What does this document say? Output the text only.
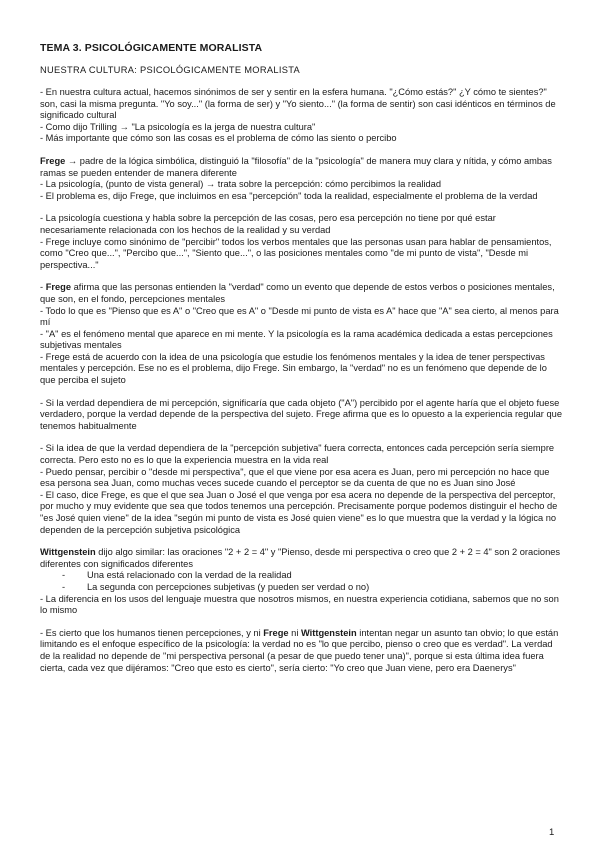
TEMA 3. PSICOLÓGICAMENTE MORALISTA
NUESTRA CULTURA: PSICOLÓGICAMENTE MORALISTA

- En nuestra cultura actual, hacemos sinónimos de ser y sentir en la esfera humana. "¿Cómo estás?" ¿Y cómo te sientes?" son, casi la misma pregunta. "Yo soy..." (la forma de ser) y "Yo siento..." (la forma de sentir) son casi idénticos en términos de significado cultural

- Como dijo Trilling → "La psicología es la jerga de nuestra cultura"

- Más importante que cómo son las cosas es el problema de cómo las siento o percibo

Frege → padre de la lógica simbólica, distinguió la "filosofía" de la "psicología" de manera muy clara y nítida, y cómo ambas ramas se pueden entender de manera diferente

- La psicología, (punto de vista general) → trata sobre la percepción: cómo percibimos la realidad

- El problema es, dijo Frege, que incluimos en esa "percepción" toda la realidad, especialmente el problema de la verdad

- La psicología cuestiona y habla sobre la percepción de las cosas, pero esa percepción no tiene por qué estar necesariamente relacionada con los hechos de la realidad y su verdad

- Frege incluye como sinónimo de "percibir" todos los verbos mentales que las personas usan para hablar de pensamientos, como "Creo que...", "Percibo que...", "Siento que...", o las posiciones mentales como "de mi punto de vista", "Desde mi perspectiva..."

- Frege afirma que las personas entienden la "verdad" como un evento que depende de estos verbos o posiciones mentales, que son, en el fondo, percepciones mentales

- Todo lo que es "Pienso que es A" o "Creo que es A" o "Desde mi punto de vista es A" hace que "A" sea cierto, al menos para mí

- "A" es el fenómeno mental que aparece en mi mente. Y la psicología es la rama académica dedicada a estas percepciones subjetivas mentales

- Frege está de acuerdo con la idea de una psicología que estudie los fenómenos mentales y la idea de tener perspectivas mentales y percepción. Ese no es el problema, dijo Frege. Sin embargo, la "verdad" no es un fenómeno que depende de lo que perciba el sujeto

- Si la verdad dependiera de mi percepción, significaría que cada objeto ("A") percibido por el agente haría que el objeto fuese verdadero, porque la verdad depende de la perspectiva del sujeto. Frege afirma que es lo opuesto a la experiencia regular que tenemos habitualmente

- Si la idea de que la verdad dependiera de la "percepción subjetiva" fuera correcta, entonces cada percepción sería siempre correcta. Pero esto no es lo que la experiencia muestra en la vida real

- Puedo pensar, percibir o "desde mi perspectiva", que el que viene por esa acera es Juan, pero mi percepción no hace que esa persona sea Juan, como muchas veces sucede cuando el perceptor se da cuenta de que no es Juan sino José

- El caso, dice Frege, es que el que sea Juan o José el que venga por esa acera no depende de la perspectiva del perceptor, por mucho y muy evidente que sea que todos tenemos una percepción. Precisamente porque podemos distinguir el hecho de "es José quien viene" de la idea "según mi punto de vista es José quien viene" es lo que muestra que la verdad y la lógica no dependen de la percepción subjetiva psicológica

Wittgenstein dijo algo similar: las oraciones "2 + 2 = 4" y "Pienso, desde mi perspectiva o creo que 2 + 2 = 4" son 2 oraciones diferentes con significados diferentes

- Una está relacionado con la verdad de la realidad
- La segunda con percepciones subjetivas (y pueden ser verdad o no)

- La diferencia en los usos del lenguaje muestra que nosotros mismos, en nuestra experiencia cotidiana, sabemos que no son lo mismo

- Es cierto que los humanos tienen percepciones, y ni Frege ni Wittgenstein intentan negar un asunto tan obvio; lo que están limitando es el enfoque específico de la psicología: la verdad no es "lo que percibo, pienso o creo que es verdad". La verdad de la realidad no depende de "mi perspectiva personal (a pesar de que puedo tener una)", porque si esta última idea fuera cierta, cada vez que dijéramos: "Creo que esto es cierto", sería cierto: "Yo creo que Juan viene, pero era Daenerys"

1
